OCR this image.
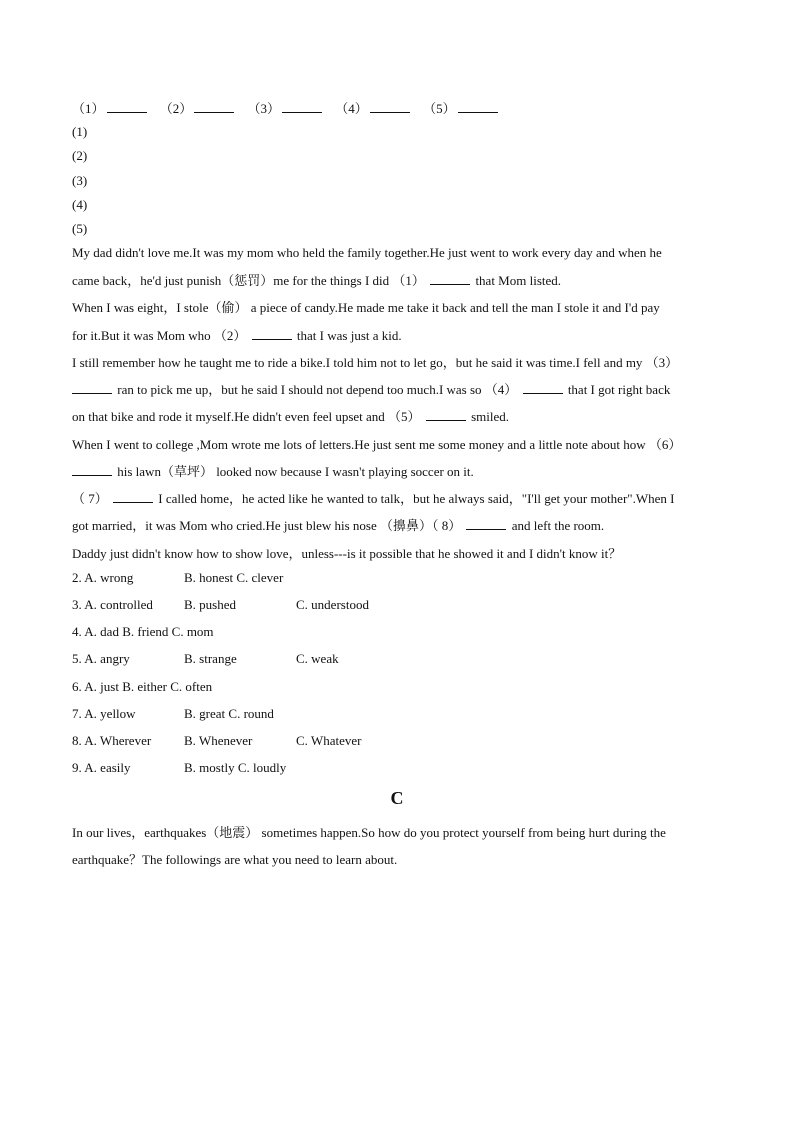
（1）	（2）	（3）	（4）	（5）
(1)
(2)
(3)
(4)
(5)
My dad didn't love me.It was my mom who held the family together.He just went to work every day and when he
came back，he'd just punish（惩罚）me for the things I did （1）	that Mom listed.
When I was eight，I stole（偷） a piece of candy.He made me take it back and tell the man I stole it and I'd pay
for it.But it was Mom who （2）	that I was just a kid.
I still remember how he taught me to ride a bike.I told him not to let go，but he said it was time.I fell and my （3）
ran to pick me up，but he said I should not depend too much.I was so （4）	that I got right back
on that bike and rode it myself.He didn't even feel upset and （5）	smiled.
When I went to college ,Mom wrote me lots of letters.He just sent me some money and a little note about how （6）
his lawn（草坪） looked now because I wasn't playing soccer on it.
（ 7）	I called home，he acted like he wanted to talk，but he always said，"I'll get your mother".When I
got married，it was Mom who cried.He just blew his nose （擤鼻）（ 8）	and left the room.
Daddy just didn't know how to show love，unless---is it possible that he showed it and I didn't know it？
2. A. wrong	B. honest C. clever
3. A. controlled	B. pushed	C. understood
4. A. dad B. friend C. mom
5. A. angry	B. strange	C. weak
6. A. just B. either C. often
7. A. yellow	B. great C. round
8. A. Wherever	B. Whenever	C. Whatever
9. A. easily	B. mostly C. loudly
C
In our lives，earthquakes（地震） sometimes happen.So how do you protect yourself from being hurt during the
earthquake？The followings are what you need to learn about.
